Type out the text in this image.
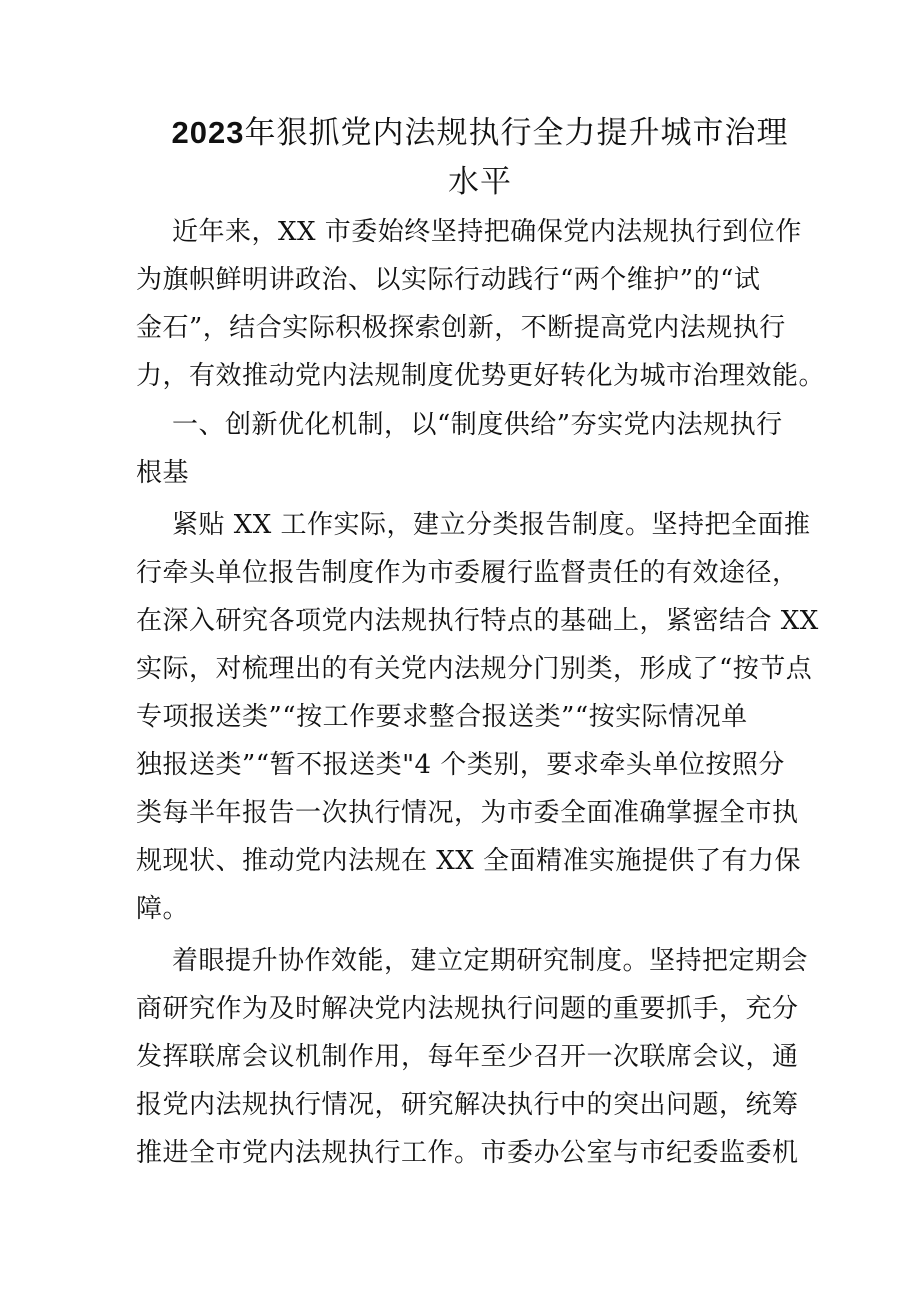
2023年狠抓党内法规执行全力提升城市治理
水平
近年来，XX 市委始终坚持把确保党内法规执行到位作
为旗帜鲜明讲政治、以实际行动践行“两个维护”的“试
金石”，结合实际积极探索创新，不断提高党内法规执行
力，有效推动党内法规制度优势更好转化为城市治理效能。
一、创新优化机制，以“制度供给”夯实党内法规执行
根基
紧贴 XX 工作实际，建立分类报告制度。坚持把全面推
行牵头单位报告制度作为市委履行监督责任的有效途径，
在深入研究各项党内法规执行特点的基础上，紧密结合 XX
实际，对梳理出的有关党内法规分门别类，形成了“按节点
专项报送类”“按工作要求整合报送类”“按实际情况单
独报送类”“暂不报送类"4 个类别，要求牵头单位按照分
类每半年报告一次执行情况，为市委全面准确掌握全市执
规现状、推动党内法规在 XX 全面精准实施提供了有力保
障。
着眼提升协作效能，建立定期研究制度。坚持把定期会
商研究作为及时解决党内法规执行问题的重要抓手，充分
发挥联席会议机制作用，每年至少召开一次联席会议，通
报党内法规执行情况，研究解决执行中的突出问题，统筹
推进全市党内法规执行工作。市委办公室与市纪委监委机
